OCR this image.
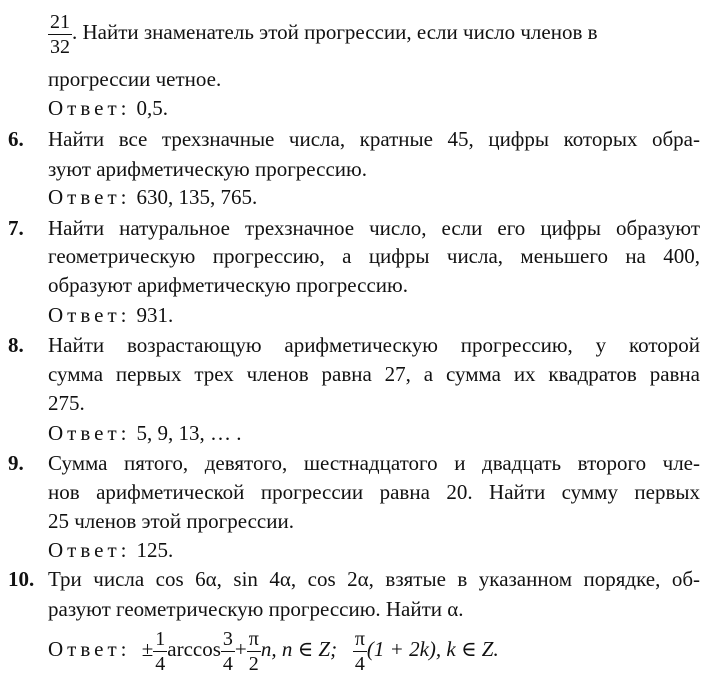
$\frac{21}{32}$ . Найти знаменатель этой прогрессии, если число членов в
прогрессии четное.
Ответ: 0,5.
6. Найти все трехзначные числа, кратные 45, цифры которых обра-
зуют арифметическую прогрессию.
Ответ: 630, 135, 765.
7. Найти натуральное трехзначное число, если его цифры образуют
геометрическую прогрессию, а цифры числа, меньшего на 400,
образуют арифметическую прогрессию.
Ответ: 931.
8. Найти возрастающую арифметическую прогрессию, у которой
сумма первых трех членов равна 27, а сумма их квадратов равна
275.
Ответ: 5, 9, 13, … .
9. Сумма пятого, девятого, шестнадцатого и двадцать второго чле-
нов арифметической прогрессии равна 20. Найти сумму первых
25 членов этой прогрессии.
Ответ: 125.
10. Три числа cos 6α, sin 4α, cos 2α, взятые в указанном порядке, об-
разуют геометрическую прогрессию. Найти α.
Ответ: ± $\frac{1}{4}$ $\arccos \frac{3}{4} + \frac{\pi}{2} n$, n ∈ Z; $\frac{\pi}{4} (1 + 2k)$, k ∈ Z.
